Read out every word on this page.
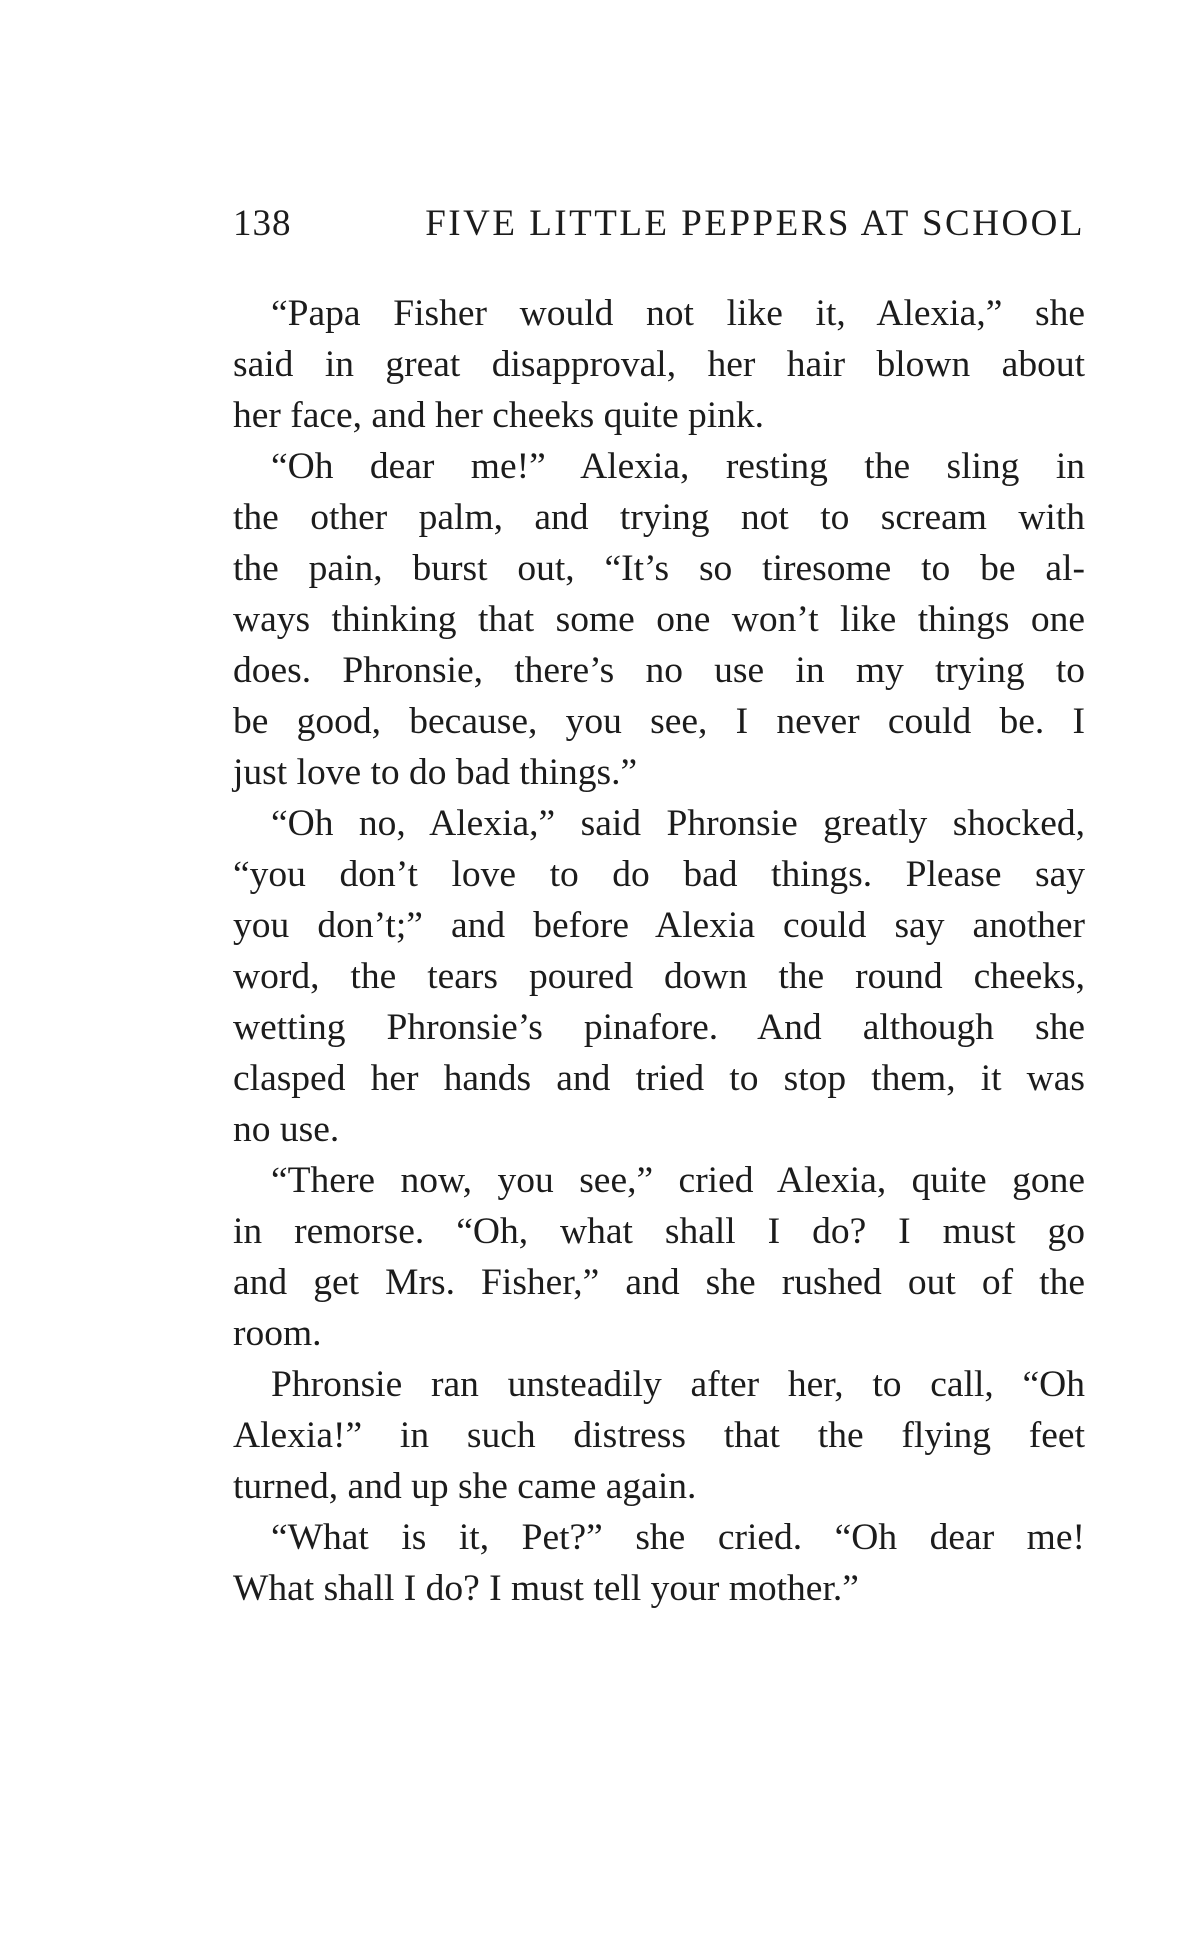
138	FIVE LITTLE PEPPERS AT SCHOOL
“Papa Fisher would not like it, Alexia,” she
said in great disapproval, her hair blown about
her face, and her cheeks quite pink.
“Oh dear me!” Alexia, resting the sling in
the other palm, and trying not to scream with
the pain, burst out, “It’s so tiresome to be al-
ways thinking that some one won’t like things one
does. Phronsie, there’s no use in my trying to
be good, because, you see, I never could be. I
just love to do bad things.”
“Oh no, Alexia,” said Phronsie greatly shocked,
“you don’t love to do bad things. Please say
you don’t;” and before Alexia could say another
word, the tears poured down the round cheeks,
wetting Phronsie’s pinafore. And although she
clasped her hands and tried to stop them, it was
no use.
“There now, you see,” cried Alexia, quite gone
in remorse. “Oh, what shall I do? I must go
and get Mrs. Fisher,” and she rushed out of the
room.
Phronsie ran unsteadily after her, to call, “Oh
Alexia!” in such distress that the flying feet
turned, and up she came again.
“What is it, Pet?” she cried. “Oh dear me!
What shall I do? I must tell your mother.”
